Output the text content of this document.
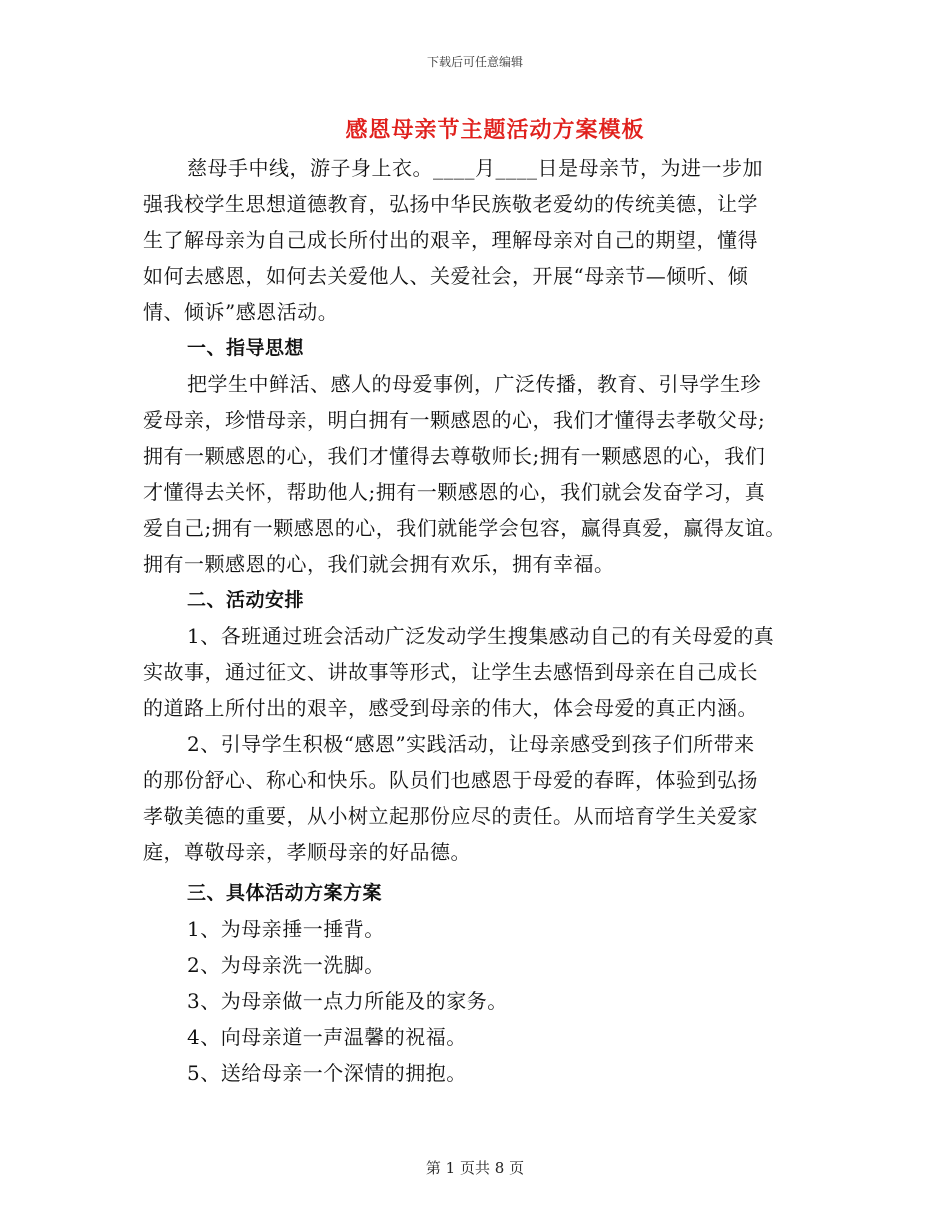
下载后可任意编辑
感恩母亲节主题活动方案模板
慈母手中线，游子身上衣。____月____日是母亲节，为进一步加
强我校学生思想道德教育，弘扬中华民族敬老爱幼的传统美德，让学
生了解母亲为自己成长所付出的艰辛，理解母亲对自己的期望，懂得
如何去感恩，如何去关爱他人、关爱社会，开展“母亲节—倾听、倾
情、倾诉”感恩活动。
一、指导思想
把学生中鲜活、感人的母爱事例，广泛传播，教育、引导学生珍
爱母亲，珍惜母亲，明白拥有一颗感恩的心，我们才懂得去孝敬父母;
拥有一颗感恩的心，我们才懂得去尊敬师长;拥有一颗感恩的心，我们
才懂得去关怀，帮助他人;拥有一颗感恩的心，我们就会发奋学习，真
爱自己;拥有一颗感恩的心，我们就能学会包容，赢得真爱，赢得友谊。
拥有一颗感恩的心，我们就会拥有欢乐，拥有幸福。
二、活动安排
1、各班通过班会活动广泛发动学生搜集感动自己的有关母爱的真
实故事，通过征文、讲故事等形式，让学生去感悟到母亲在自己成长
的道路上所付出的艰辛，感受到母亲的伟大，体会母爱的真正内涵。
2、引导学生积极“感恩”实践活动，让母亲感受到孩子们所带来
的那份舒心、称心和快乐。队员们也感恩于母爱的春晖，体验到弘扬
孝敬美德的重要，从小树立起那份应尽的责任。从而培育学生关爱家
庭，尊敬母亲，孝顺母亲的好品德。
三、具体活动方案方案
1、为母亲捶一捶背。
2、为母亲洗一洗脚。
3、为母亲做一点力所能及的家务。
4、向母亲道一声温馨的祝福。
5、送给母亲一个深情的拥抱。
第 1 页共 8 页
